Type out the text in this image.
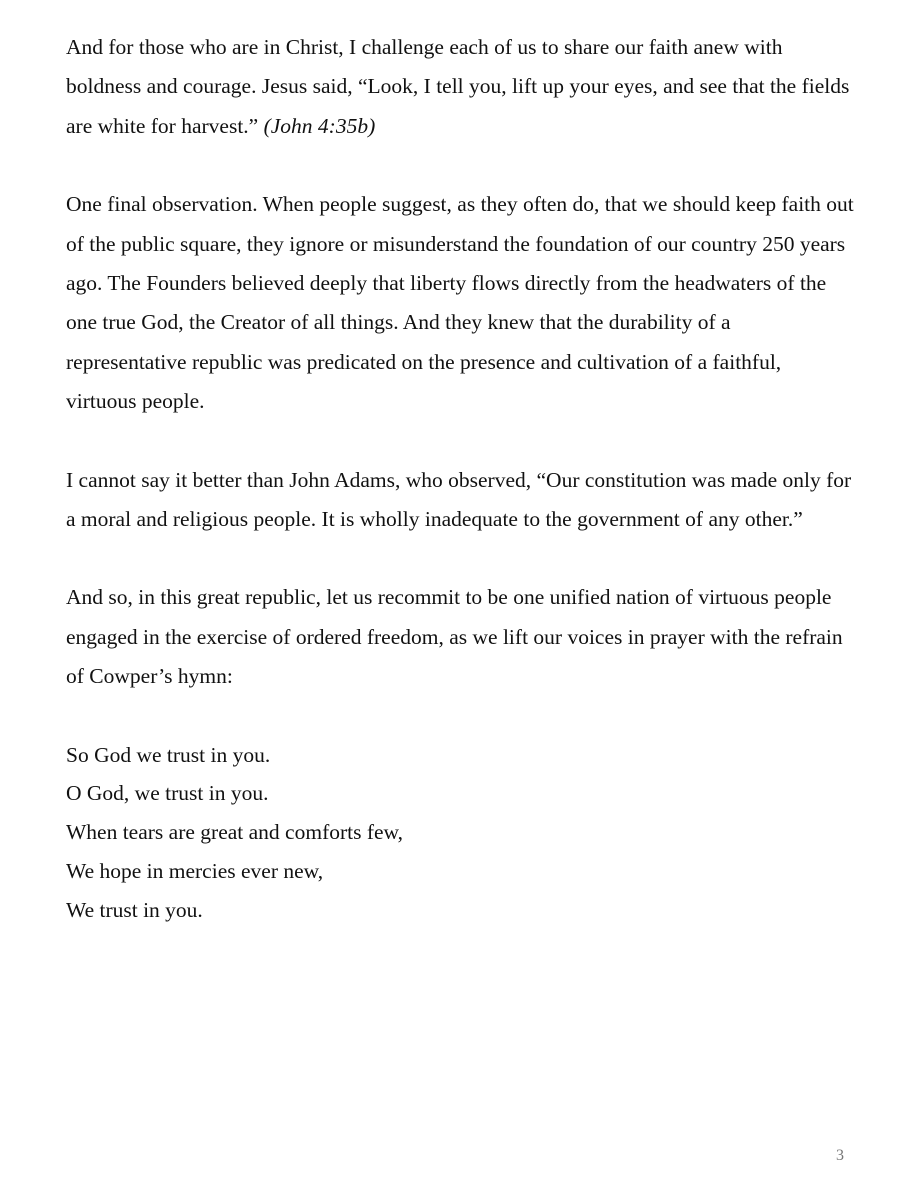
And for those who are in Christ, I challenge each of us to share our faith anew with boldness and courage. Jesus said, “Look, I tell you, lift up your eyes, and see that the fields are white for harvest.” (John 4:35b)

One final observation. When people suggest, as they often do, that we should keep faith out of the public square, they ignore or misunderstand the foundation of our country 250 years ago. The Founders believed deeply that liberty flows directly from the headwaters of the one true God, the Creator of all things. And they knew that the durability of a representative republic was predicated on the presence and cultivation of a faithful, virtuous people.

I cannot say it better than John Adams, who observed, “Our constitution was made only for a moral and religious people. It is wholly inadequate to the government of any other.”

And so, in this great republic, let us recommit to be one unified nation of virtuous people engaged in the exercise of ordered freedom, as we lift our voices in prayer with the refrain of Cowper’s hymn:

So God we trust in you.
O God, we trust in you.
When tears are great and comforts few,
We hope in mercies ever new,
We trust in you.
3
